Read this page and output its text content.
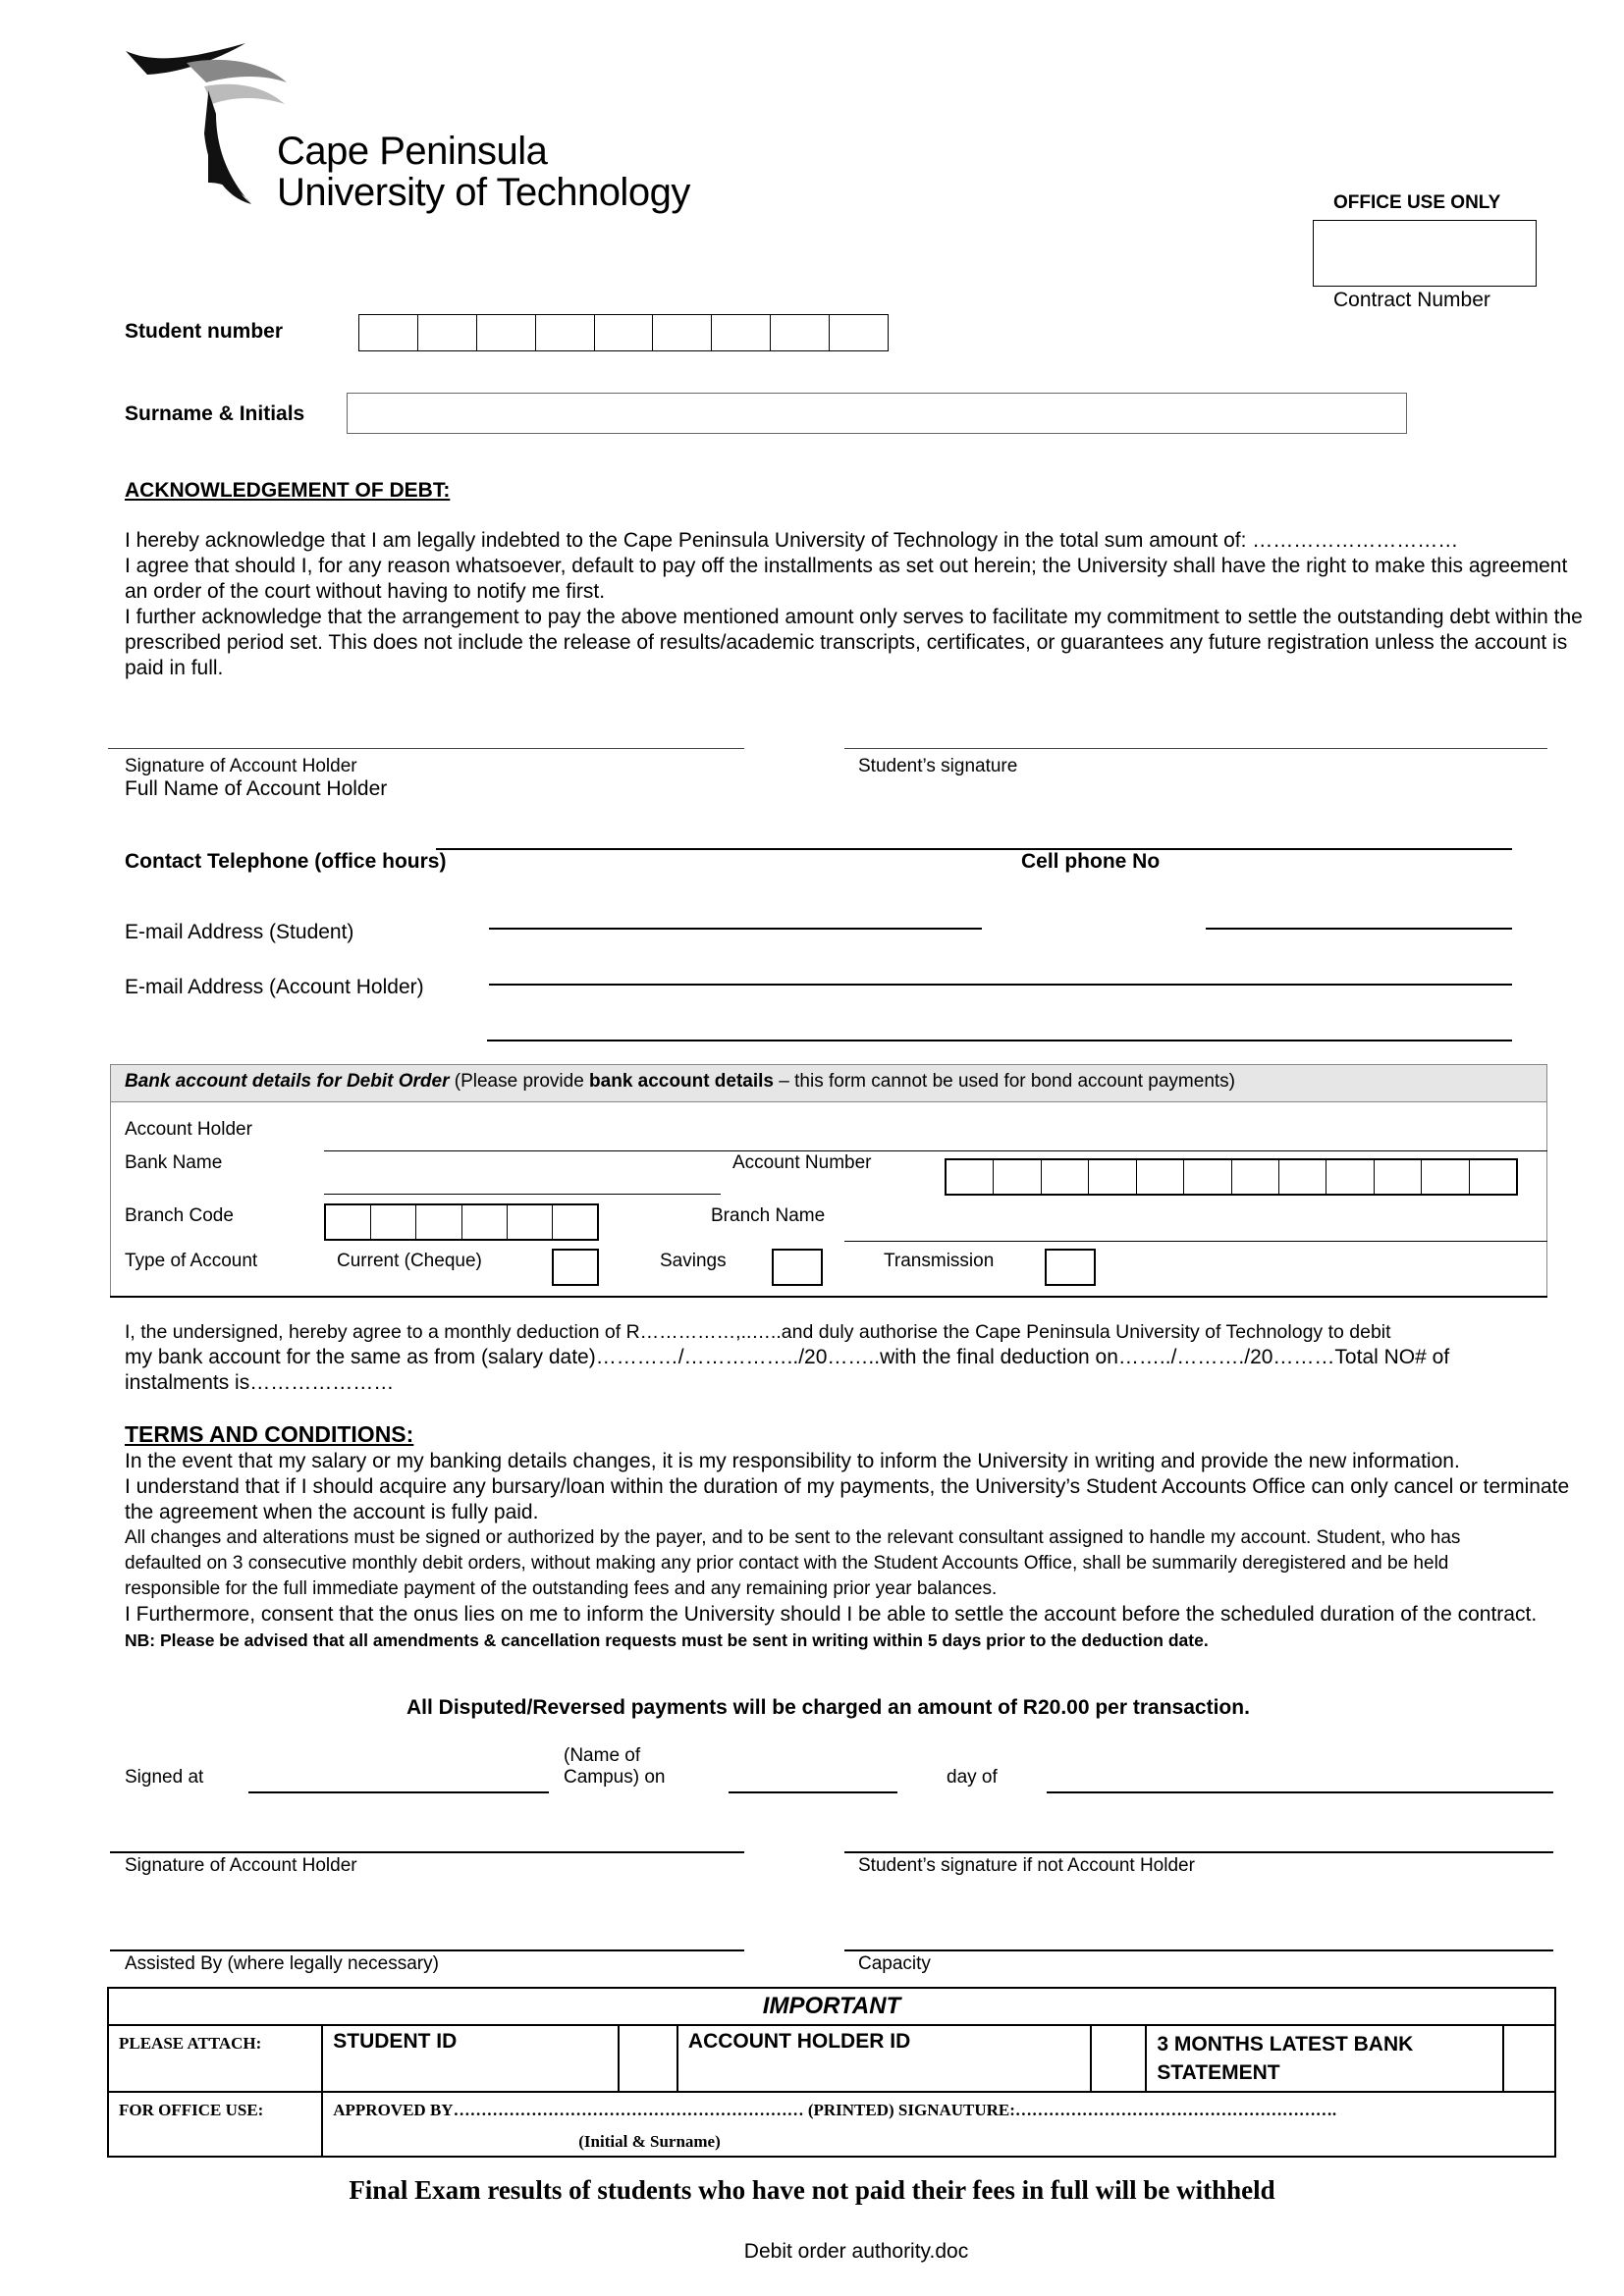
Cape Peninsula
University of Technology	OFFICE USE ONLY
Contract Number
Student number
Surname & Initials
ACKNOWLEDGEMENT OF DEBT:
I hereby acknowledge that I am legally indebted to the Cape Peninsula University of Technology in the total sum amount of: …………………………
I agree that should I, for any reason whatsoever, default to pay off the installments as set out herein; the University shall have the right to make this agreement an order of the court without having to notify me first.
I further acknowledge that the arrangement to pay the above mentioned amount only serves to facilitate my commitment to settle the outstanding debt within the prescribed period set. This does not include the release of results/academic transcripts, certificates, or guarantees any future registration unless the account is paid in full.
Signature of Account Holder
Full Name of Account Holder
Student’s signature
Contact Telephone (office hours)	Cell phone No
E-mail Address (Student)
E-mail Address (Account Holder)
Bank account details for Debit Order (Please provide bank account details – this form cannot be used for bond account payments)
Account Holder
Bank Name	Account Number
Branch Code	Branch Name
Type of Account	Current (Cheque)	Savings	Transmission
I, the undersigned, hereby agree to a monthly deduction of R……………,..…..and duly authorise the Cape Peninsula University of Technology to debit
my bank account for the same as from (salary date)…………/……………../20……..with the final deduction on……../………./20………Total NO# of
instalments is…………………
TERMS AND CONDITIONS:

In the event that my salary or my banking details changes, it is my responsibility to inform the University in writing and provide the new information.

I understand that if I should acquire any bursary/loan within the duration of my payments, the University’s Student Accounts Office can only cancel or terminate the agreement when the account is fully paid.

All changes and alterations must be signed or authorized by the payer, and to be sent to the relevant consultant assigned to handle my account. Student, who has defaulted on 3 consecutive monthly debit orders, without making any prior contact with the Student Accounts Office, shall be summarily deregistered and be held responsible for the full immediate payment of the outstanding fees and any remaining prior year balances.

I Furthermore, consent that the onus lies on me to inform the University should I be able to settle the account before the scheduled duration of the contract.

NB: Please be advised that all amendments & cancellation requests must be sent in writing within 5 days prior to the deduction date.

All Disputed/Reversed payments will be charged an amount of R20.00 per transaction.
Signed at
(Name of
Campus) on	day of
Signature of Account Holder	Student’s signature if not Account Holder
Assisted By (where legally necessary)	Capacity
IMPORTANT						
PLEASE ATTACH:	STUDENT ID		ACCOUNT HOLDER ID		3 MONTHS LATEST BANK STATEMENT	
FOR OFFICE USE:	APPROVED BY……………………………………………………… (PRINTED) SIGNAUTURE:………………………………………………….
(Initial & Surname)					
Final Exam results of students who have not paid their fees in full will be withheld
Debit order authority.doc
